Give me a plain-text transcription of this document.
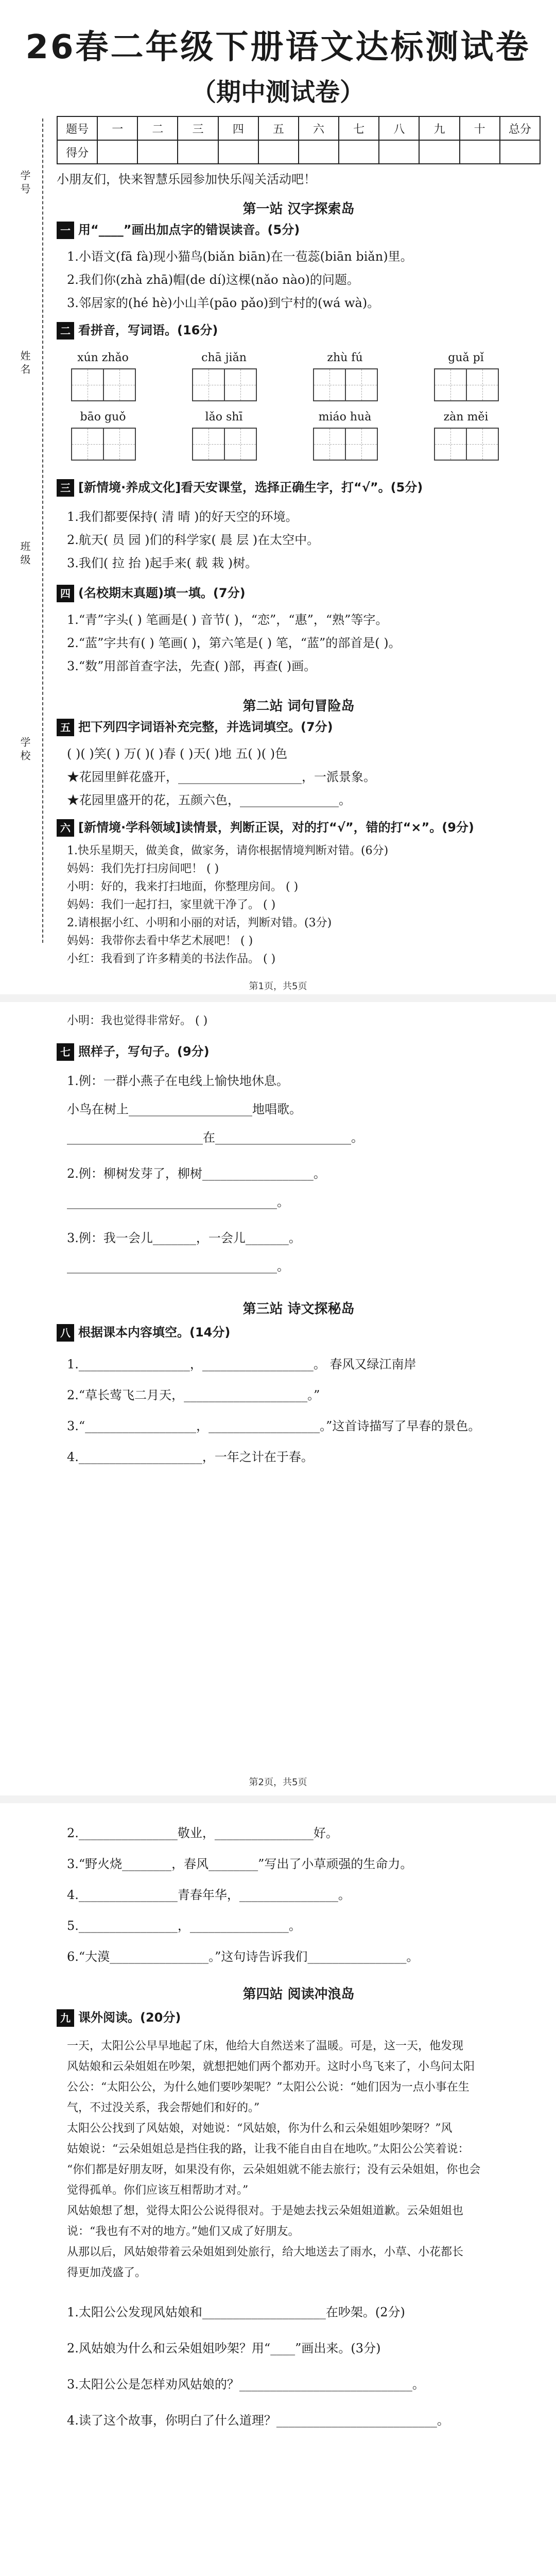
26春二年级下册语文达标测试卷
（期中测试卷）
题号	一	二	三	四	五	六	七	八	九	十	总分
得分											
学号
姓名
班级
学校
小朋友们，快来智慧乐园参加快乐闯关活动吧！
第一站 汉字探索岛
一 用“____”画出加点字的错误读音。(5分)
1.小语文(fā fà)现小猫鸟(biǎn biān)在一苞蕊(biān biǎn)里。
2.我们你(zhà zhā)帽(de dí)这棵(nǎo nào)的问题。
3.邻居家的(hé hè)小山羊(pāo pǎo)到宁村的(wá wà)。
二 看拼音，写词语。(16分)
xún zhǎo	chā jiǎn	zhù fú	guǎ pǐ
bāo guǒ	lǎo shī	miáo huà	zàn měi
三 [新情境·养成文化]看天安课堂，选择正确生字，打“√”。(5分)
1.我们都要保持( 清 晴 )的好天空的环境。
2.航天( 员 园 )们的科学家( 晨 层 )在太空中。
3.我们( 拉 抬 )起手来( 载 栽 )树。
四 (名校期末真题)填一填。(7分)
1.“青”字头( ) 笔画是( ) 音节( )，“恋”，“惠”，“熟”等字。
2.“蓝”字共有( ) 笔画( )，第六笔是( ) 笔，“蓝”的部首是( )。
3.“数”用部首查字法，先查( )部，再查( )画。
第二站 词句冒险岛
五 把下列四字词语补充完整，并选词填空。(7分)
( )( )笑( ) 万( )( )春 ( )天( )地 五( )( )色
★花园里鲜花盛开，____________________，一派景象。
★花园里盛开的花，五颜六色，________________。
六 [新情境·学科领域]读情景，判断正误，对的打“√”，错的打“×”。(9分)
1.快乐星期天，做美食，做家务，请你根据情境判断对错。(6分)
妈妈：我们先打扫房间吧！ ( )
小明：好的，我来打扫地面，你整理房间。 ( )
妈妈：我们一起打扫，家里就干净了。 ( )
2.请根据小红、小明和小丽的对话，判断对错。(3分)
妈妈：我带你去看中华艺术展吧！ ( )
小红：我看到了许多精美的书法作品。 ( )
第1页，共5页
小明：我也觉得非常好。 ( )
七 照样子，写句子。(9分)
1.例：一群小燕子在电线上愉快地休息。
小鸟在树上____________________地唱歌。
______________________在______________________。
2.例：柳树发芽了，柳树__________________。
__________________________________。
3.例：我一会儿_______，一会儿_______。
__________________________________。
第三站 诗文探秘岛
八 根据课本内容填空。(14分)
1.__________________，__________________。 春风又绿江南岸
2.“草长莺飞二月天，____________________。”
3.“__________________，__________________。”这首诗描写了早春的景色。
4.____________________，一年之计在于春。
第2页，共5页
2.________________敬业，________________好。
3.“野火烧________，春风________”写出了小草顽强的生命力。
4.________________青春年华，________________。
5.________________，________________。
6.“大漠________________。”这句诗告诉我们________________。
第四站 阅读冲浪岛
九 课外阅读。(20分)
一天，太阳公公早早地起了床，他给大自然送来了温暖。可是，这一天，他发现
风姑娘和云朵姐姐在吵架，就想把她们两个都劝开。这时小鸟飞来了，小鸟问太阳
公公：“太阳公公，为什么她们要吵架呢？”太阳公公说：“她们因为一点小事在生
气，不过没关系，我会帮她们和好的。”
太阳公公找到了风姑娘，对她说：“风姑娘，你为什么和云朵姐姐吵架呀？”风
姑娘说：“云朵姐姐总是挡住我的路，让我不能自由自在地吹。”太阳公公笑着说：
“你们都是好朋友呀，如果没有你，云朵姐姐就不能去旅行；没有云朵姐姐，你也会
觉得孤单。你们应该互相帮助才对。”
风姑娘想了想，觉得太阳公公说得很对。于是她去找云朵姐姐道歉。云朵姐姐也
说：“我也有不对的地方。”她们又成了好朋友。
从那以后，风姑娘带着云朵姐姐到处旅行，给大地送去了雨水，小草、小花都长
得更加茂盛了。
1.太阳公公发现风姑娘和____________________在吵架。(2分)
2.风姑娘为什么和云朵姐姐吵架？用“____”画出来。(3分)
3.太阳公公是怎样劝风姑娘的？____________________________。
4.读了这个故事，你明白了什么道理？__________________________。
